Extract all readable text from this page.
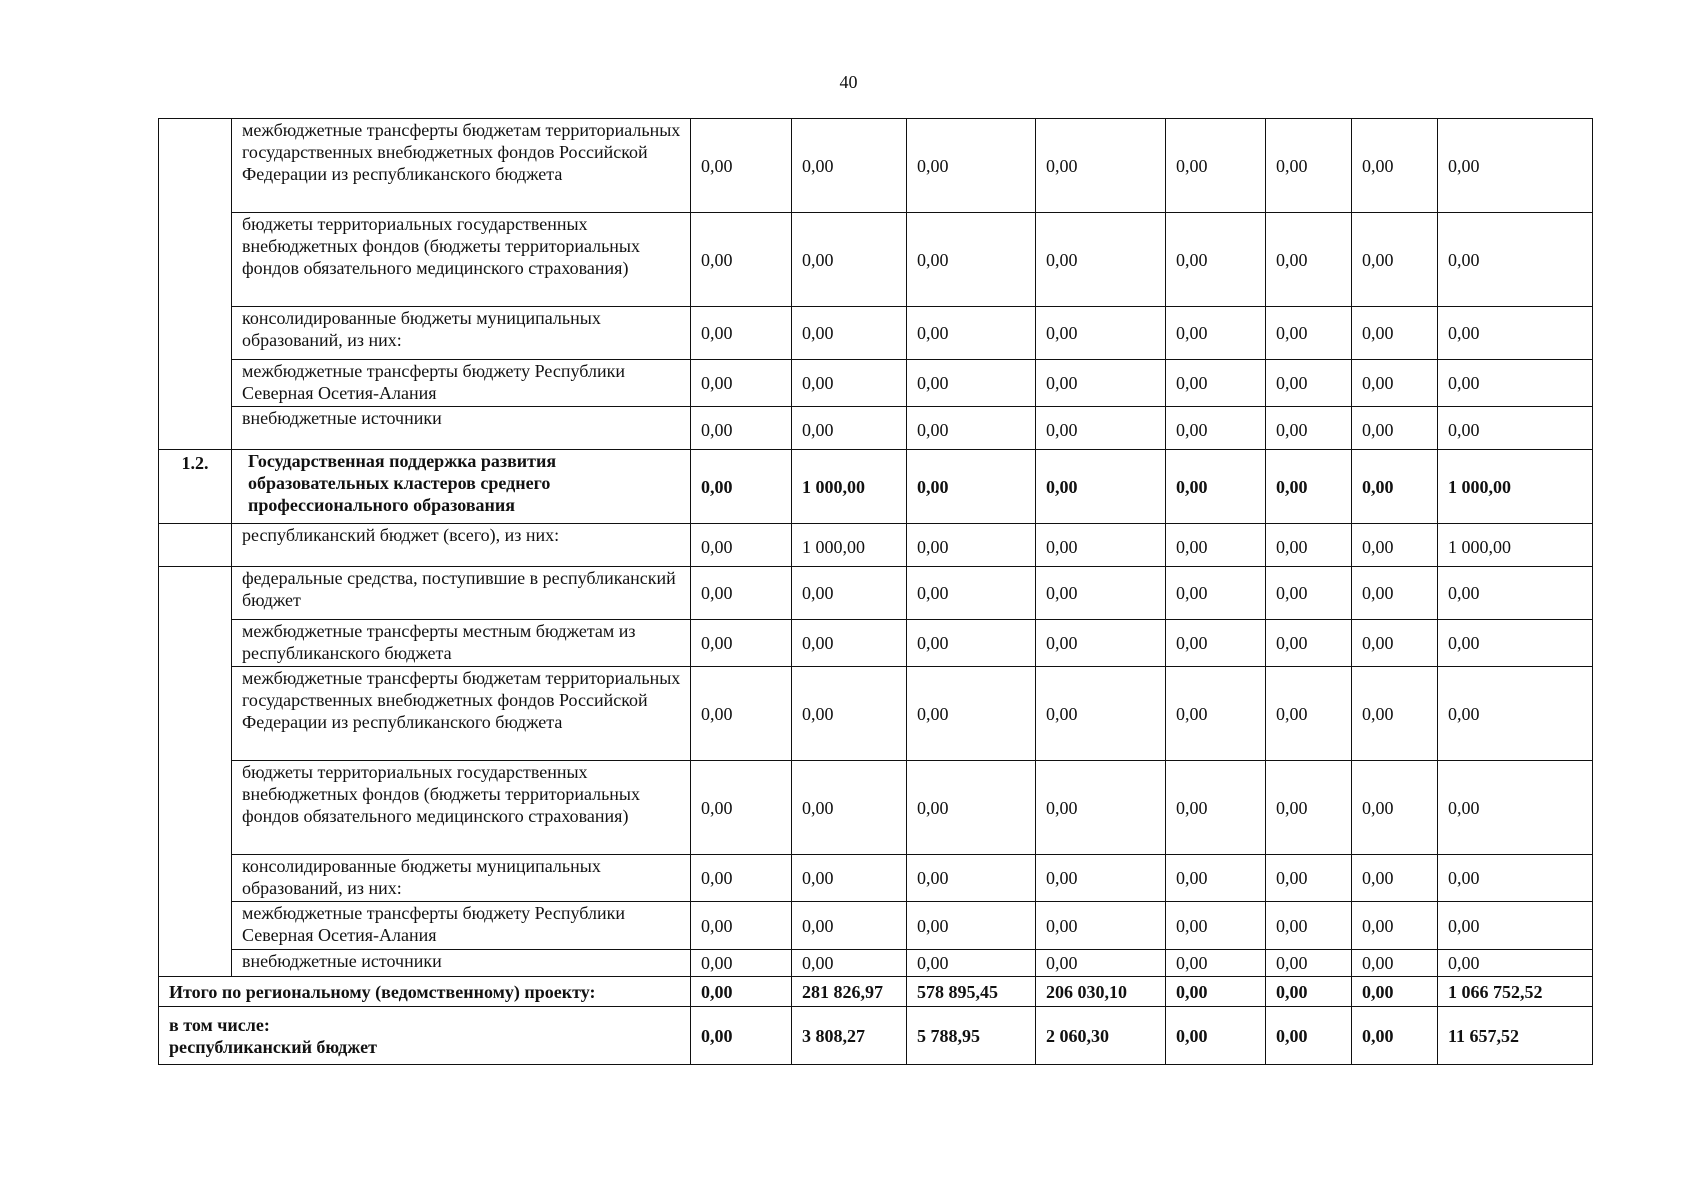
40
	межбюджетные трансферты бюджетам территориальных государственных внебюджетных фондов Российской Федерации из республиканского бюджета	0,00	0,00	0,00	0,00	0,00	0,00	0,00	0,00
	бюджеты территориальных государственных внебюджетных фондов (бюджеты территориальных фондов обязательного медицинского страхования)	0,00	0,00	0,00	0,00	0,00	0,00	0,00	0,00
	консолидированные бюджеты муниципальных образований, из них:	0,00	0,00	0,00	0,00	0,00	0,00	0,00	0,00
	межбюджетные трансферты бюджету Республики Северная Осетия-Алания	0,00	0,00	0,00	0,00	0,00	0,00	0,00	0,00
	внебюджетные источники	0,00	0,00	0,00	0,00	0,00	0,00	0,00	0,00
1.2.	Государственная поддержка развития образовательных кластеров среднего профессионального образования	0,00	1 000,00	0,00	0,00	0,00	0,00	0,00	1 000,00
	республиканский бюджет (всего), из них:	0,00	1 000,00	0,00	0,00	0,00	0,00	0,00	1 000,00
	федеральные средства, поступившие в республиканский бюджет	0,00	0,00	0,00	0,00	0,00	0,00	0,00	0,00
	межбюджетные трансферты местным бюджетам из республиканского бюджета	0,00	0,00	0,00	0,00	0,00	0,00	0,00	0,00
	межбюджетные трансферты бюджетам территориальных государственных внебюджетных фондов Российской Федерации из республиканского бюджета	0,00	0,00	0,00	0,00	0,00	0,00	0,00	0,00
	бюджеты территориальных государственных внебюджетных фондов (бюджеты территориальных фондов обязательного медицинского страхования)	0,00	0,00	0,00	0,00	0,00	0,00	0,00	0,00
	консолидированные бюджеты муниципальных образований, из них:	0,00	0,00	0,00	0,00	0,00	0,00	0,00	0,00
	межбюджетные трансферты бюджету Республики Северная Осетия-Алания	0,00	0,00	0,00	0,00	0,00	0,00	0,00	0,00
	внебюджетные источники	0,00	0,00	0,00	0,00	0,00	0,00	0,00	0,00
Итого по региональному (ведомственному) проекту:		0,00	281 826,97	578 895,45	206 030,10	0,00	0,00	0,00	1 066 752,52

в том числе:
республиканский бюджет		0,00	3 808,27	5 788,95	2 060,30	0,00	0,00	0,00	11 657,52
